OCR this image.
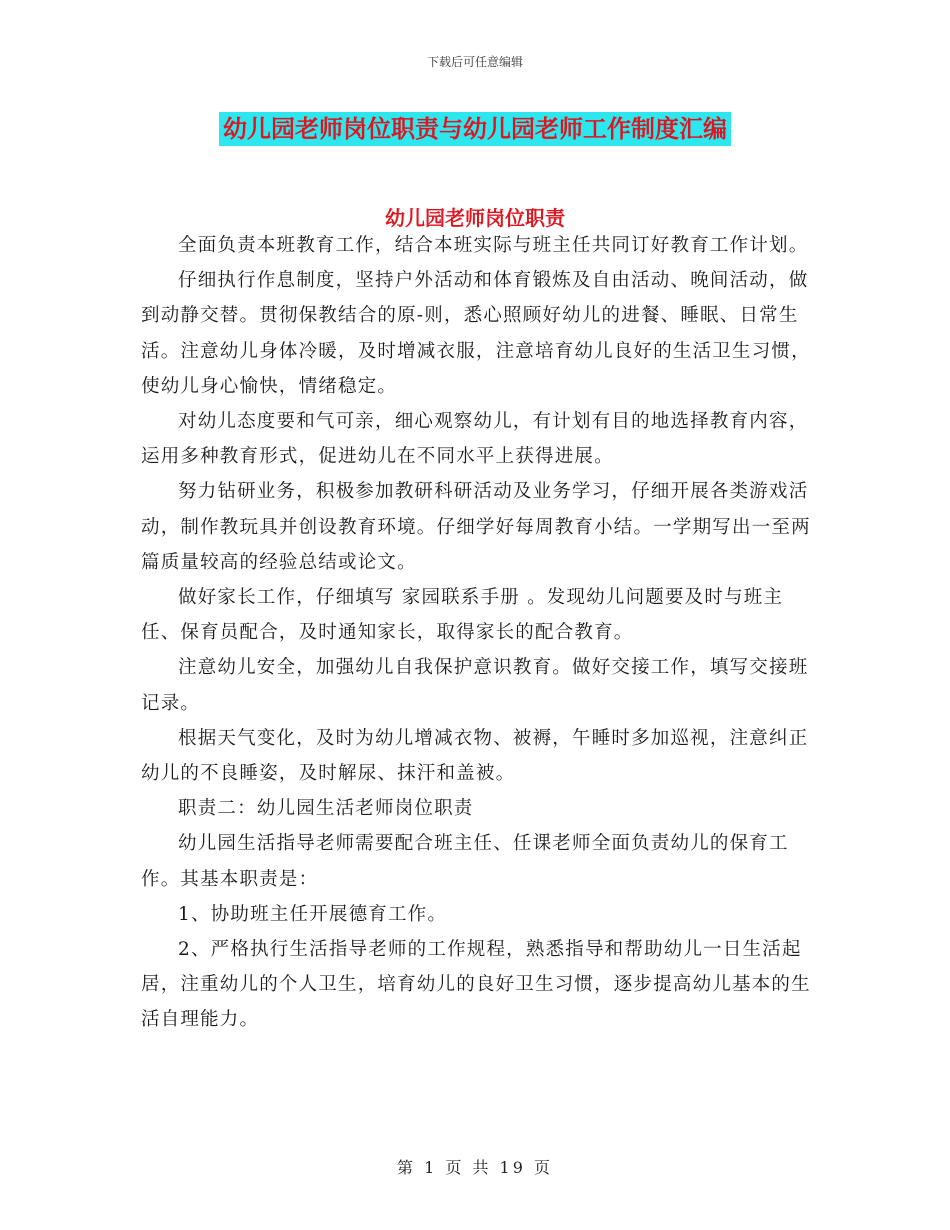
下载后可任意编辑
幼儿园老师岗位职责与幼儿园老师工作制度汇编
幼儿园老师岗位职责

全面负责本班教育工作，结合本班实际与班主任共同订好教育工作计划。

仔细执行作息制度，坚持户外活动和体育锻炼及自由活动、晚间活动，做到动静交替。贯彻保教结合的原-则，悉心照顾好幼儿的进餐、睡眠、日常生活。注意幼儿身体冷暖，及时增减衣服，注意培育幼儿良好的生活卫生习惯，使幼儿身心愉快，情绪稳定。

对幼儿态度要和气可亲，细心观察幼儿，有计划有目的地选择教育内容，运用多种教育形式，促进幼儿在不同水平上获得进展。

努力钻研业务，积极参加教研科研活动及业务学习，仔细开展各类游戏活动，制作教玩具并创设教育环境。仔细学好每周教育小结。一学期写出一至两篇质量较高的经验总结或论文。

做好家长工作，仔细填写 家园联系手册 。发现幼儿问题要及时与班主任、保育员配合，及时通知家长，取得家长的配合教育。

注意幼儿安全，加强幼儿自我保护意识教育。做好交接工作，填写交接班记录。

根据天气变化，及时为幼儿增减衣物、被褥，午睡时多加巡视，注意纠正幼儿的不良睡姿，及时解尿、抹汗和盖被。

职责二：幼儿园生活老师岗位职责

幼儿园生活指导老师需要配合班主任、任课老师全面负责幼儿的保育工作。其基本职责是：

1、协助班主任开展德育工作。

2、严格执行生活指导老师的工作规程，熟悉指导和帮助幼儿一日生活起居，注重幼儿的个人卫生，培育幼儿的良好卫生习惯，逐步提高幼儿基本的生活自理能力。

第 1 页 共 19 页
